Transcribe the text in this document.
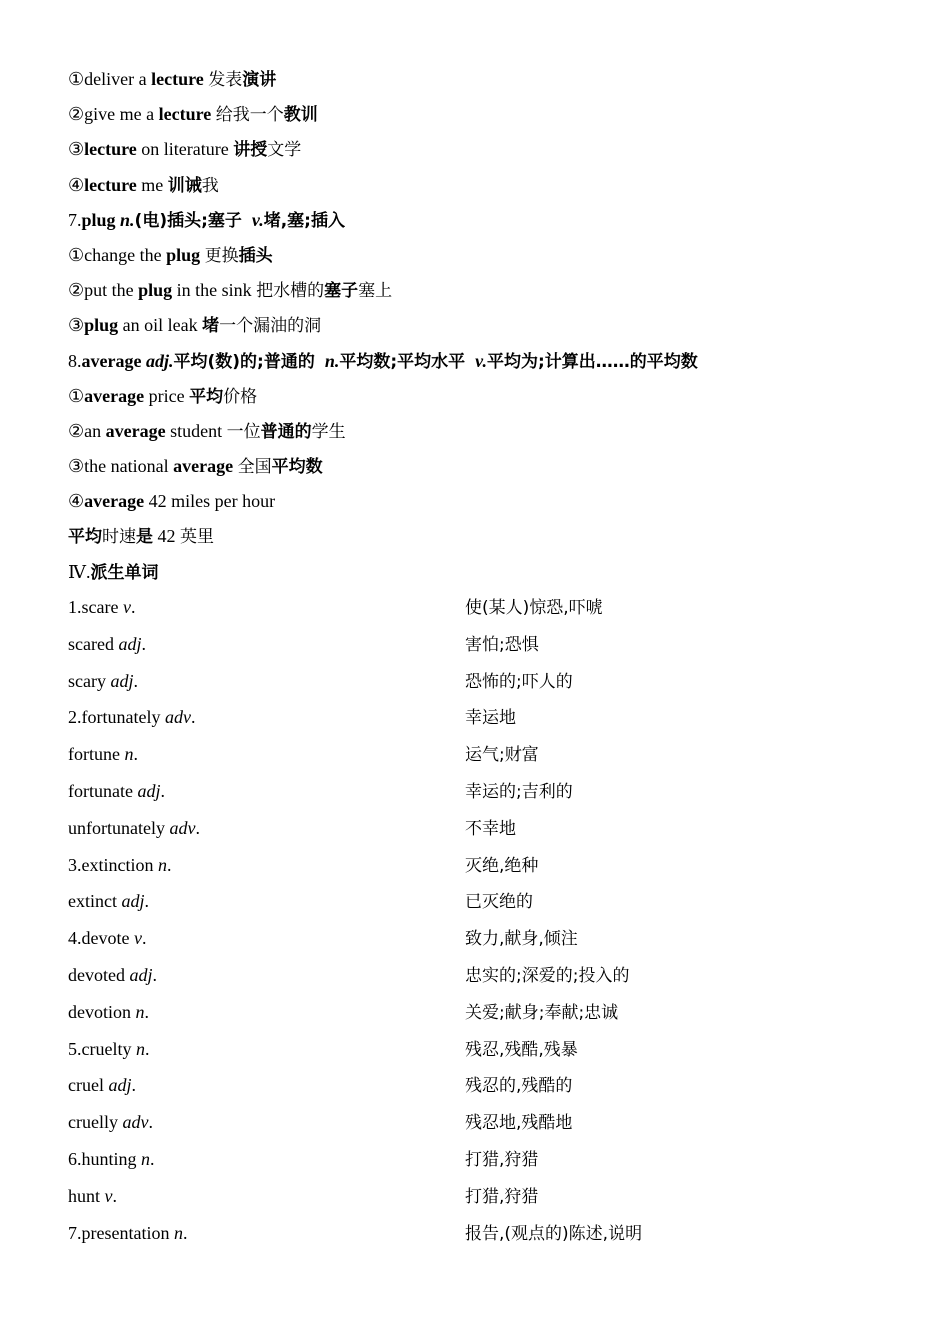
①deliver a lecture 发表演讲
②give me a lecture 给我一个教训
③lecture on literature 讲授文学
④lecture me 训诫我
7.plug n.(电)插头;塞子 v.堵,塞;插入
①change the plug 更换插头
②put the plug in the sink 把水槽的塞子塞上
③plug an oil leak 堵一个漏油的洞
8.average adj.平均(数)的;普通的 n.平均数;平均水平 v.平均为;计算出……的平均数
①average price 平均价格
②an average student 一位普通的学生
③the national average 全国平均数
④average 42 miles per hour
平均时速是 42 英里
Ⅳ.派生单词
1.scare v.	使(某人)惊恐,吓唬
scared adj.	害怕;恐惧
scary adj.	恐怖的;吓人的
2.fortunately adv.	幸运地
fortune n.	运气;财富
fortunate adj.	幸运的;吉利的
unfortunately adv.	不幸地
3.extinction n.	灭绝,绝种
extinct adj.	已灭绝的
4.devote v.	致力,献身,倾注
devoted adj.	忠实的;深爱的;投入的
devotion n.	关爱;献身;奉献;忠诚
5.cruelty n.	残忍,残酷,残暴
cruel adj.	残忍的,残酷的
cruelly adv.	残忍地,残酷地
6.hunting n.	打猎,狩猎
hunt v.	打猎,狩猎
7.presentation n.	报告,(观点的)陈述,说明
